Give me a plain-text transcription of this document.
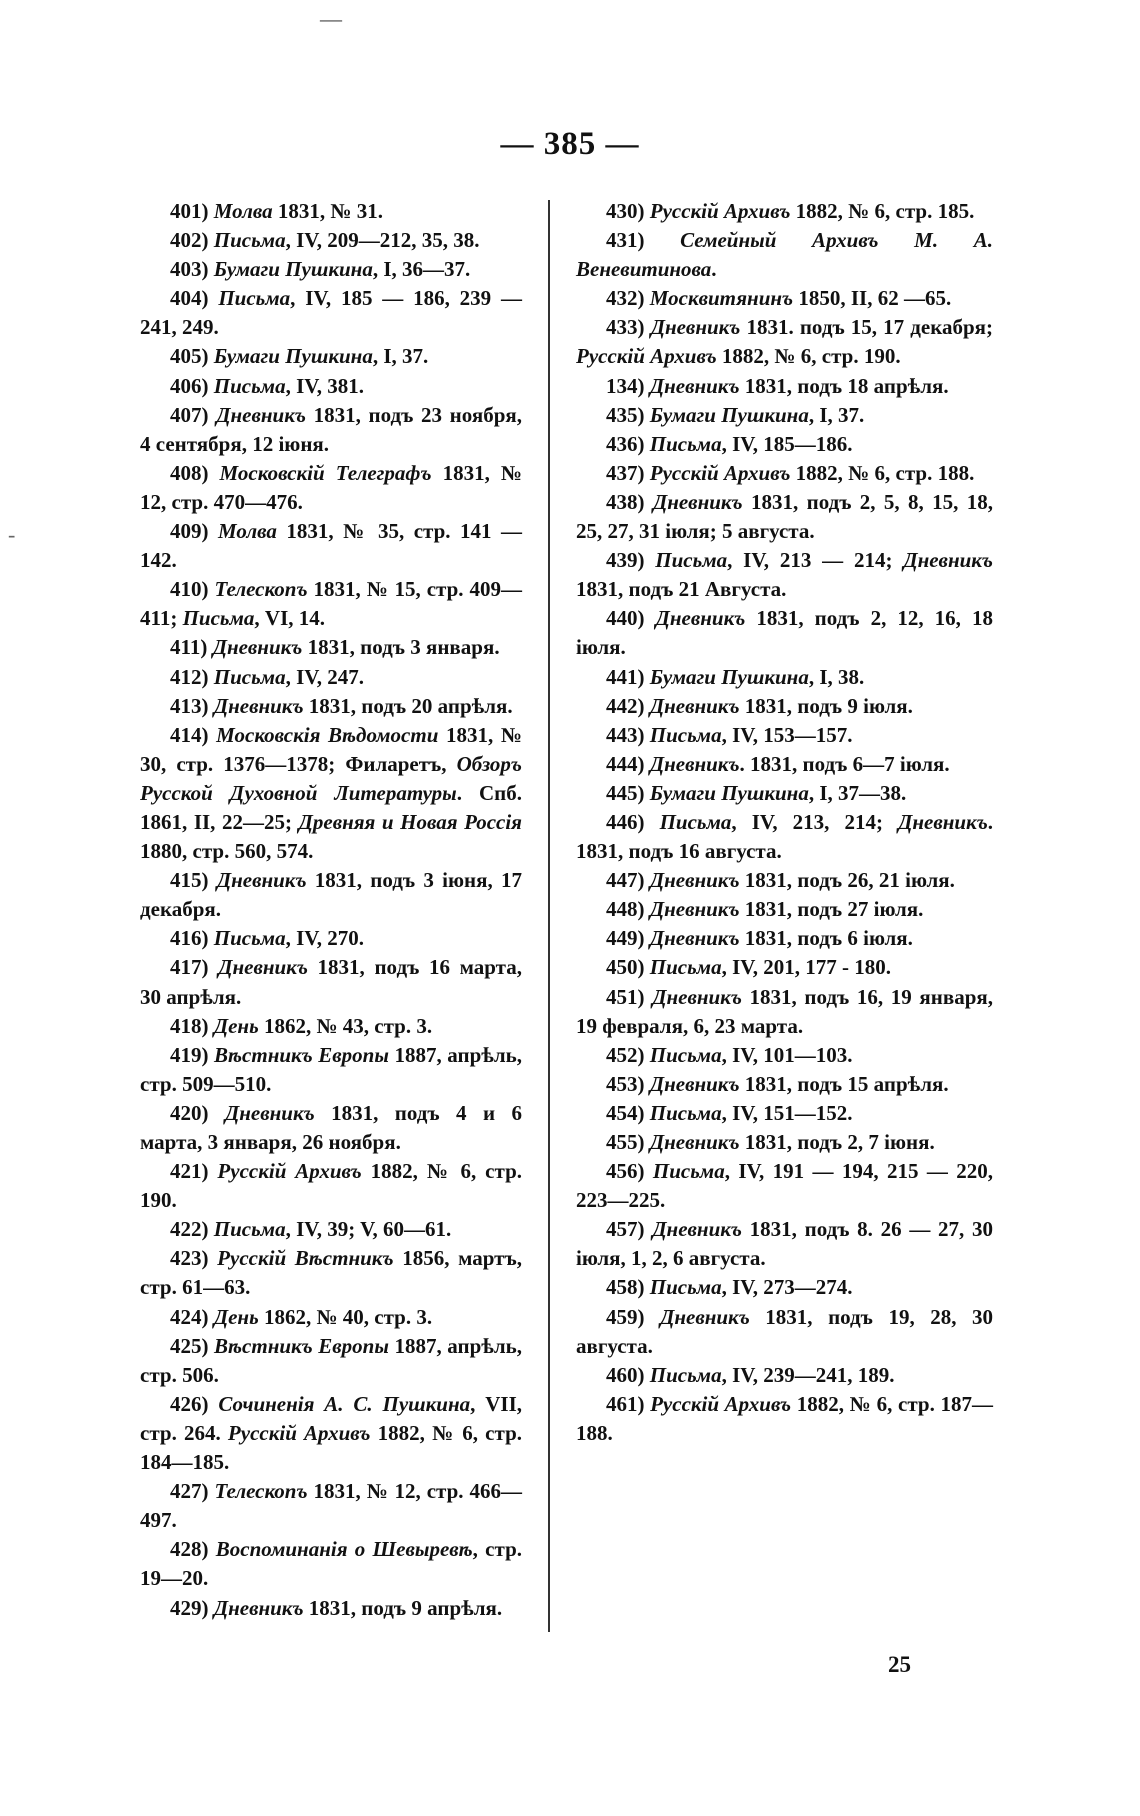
—
-
— 385 —

401) Молва 1831, № 31.

402) Письма, IV, 209—212, 35, 38.

403) Бумаги Пушкина, I, 36—37.

404) Письма, IV, 185 — 186, 239 — 241, 249.

405) Бумаги Пушкина, I, 37.

406) Письма, IV, 381.

407) Дневникъ 1831, подъ 23 ноября, 4 сентября, 12 іюня.

408) Московскій Телеграфъ 1831, № 12, стр. 470—476.

409) Молва 1831, № 35, стр. 141 —142.

410) Телескопъ 1831, № 15, стр. 409—411; Письма, VI, 14.

411) Дневникъ 1831, подъ 3 января.

412) Письма, IV, 247.

413) Дневникъ 1831, подъ 20 апрѣля.

414) Московскія Вѣдомости 1831, № 30, стр. 1376—1378; Филаретъ, Обзоръ Русской Духовной Литературы. Спб. 1861, II, 22—25; Древняя и Новая Россія 1880, стр. 560, 574.

415) Дневникъ 1831, подъ 3 іюня, 17 декабря.

416) Письма, IV, 270.

417) Дневникъ 1831, подъ 16 марта, 30 апрѣля.

418) День 1862, № 43, стр. 3.

419) Вѣстникъ Европы 1887, апрѣль, стр. 509—510.

420) Дневникъ 1831, подъ 4 и 6 марта, 3 января, 26 ноября.

421) Русскій Архивъ 1882, № 6, стр. 190.

422) Письма, IV, 39; V, 60—61.

423) Русскій Вѣстникъ 1856, мартъ, стр. 61—63.

424) День 1862, № 40, стр. 3.

425) Вѣстникъ Европы 1887, апрѣль, стр. 506.

426) Сочиненія А. С. Пушкина, VII, стр. 264. Русскій Архивъ 1882, № 6, стр. 184—185.

427) Телескопъ 1831, № 12, стр. 466—497.

428) Воспоминанія о Шевыревѣ, стр. 19—20.

429) Дневникъ 1831, подъ 9 апрѣля.

430) Русскій Архивъ 1882, № 6, стр. 185.

431) Семейный Архивъ М. А. Веневитинова.

432) Москвитянинъ 1850, II, 62 —65.

433) Дневникъ 1831. подъ 15, 17 декабря; Русскій Архивъ 1882, № 6, стр. 190.

134) Дневникъ 1831, подъ 18 апрѣля.

435) Бумаги Пушкина, I, 37.

436) Письма, IV, 185—186.

437) Русскій Архивъ 1882, № 6, стр. 188.

438) Дневникъ 1831, подъ 2, 5, 8, 15, 18, 25, 27, 31 іюля; 5 августа.

439) Письма, IV, 213 — 214; Дневникъ 1831, подъ 21 Августа.

440) Дневникъ 1831, подъ 2, 12, 16, 18 іюля.

441) Бумаги Пушкина, I, 38.

442) Дневникъ 1831, подъ 9 іюля.

443) Письма, IV, 153—157.

444) Дневникъ. 1831, подъ 6—7 іюля.

445) Бумаги Пушкина, I, 37—38.

446) Письма, IV, 213, 214; Дневникъ. 1831, подъ 16 августа.

447) Дневникъ 1831, подъ 26, 21 іюля.

448) Дневникъ 1831, подъ 27 іюля.

449) Дневникъ 1831, подъ 6 іюля.

450) Письма, IV, 201, 177 - 180.

451) Дневникъ 1831, подъ 16, 19 января, 19 февраля, 6, 23 марта.

452) Письма, IV, 101—103.

453) Дневникъ 1831, подъ 15 апрѣля.

454) Письма, IV, 151—152.

455) Дневникъ 1831, подъ 2, 7 іюня.

456) Письма, IV, 191 — 194, 215 — 220, 223—225.

457) Дневникъ 1831, подъ 8. 26 — 27, 30 іюля, 1, 2, 6 августа.

458) Письма, IV, 273—274.

459) Дневникъ 1831, подъ 19, 28, 30 августа.

460) Письма, IV, 239—241, 189.

461) Русскій Архивъ 1882, № 6, стр. 187—188.

25
